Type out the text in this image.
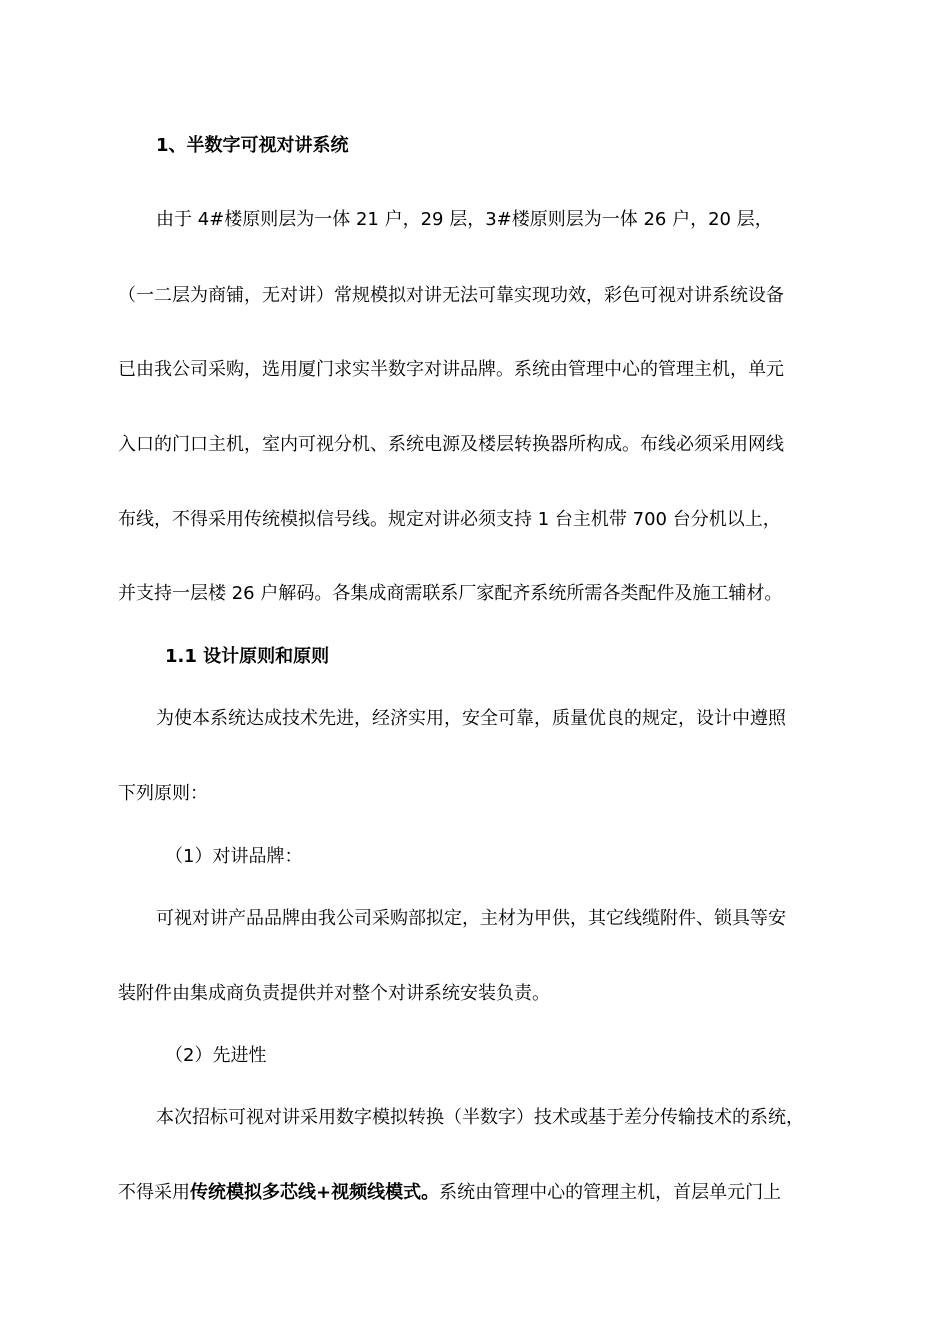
1、半数字可视对讲系统

由于 4#楼原则层为一体 21 户，29 层，3#楼原则层为一体 26 户，20 层，

（一二层为商铺，无对讲）常规模拟对讲无法可靠实现功效，彩色可视对讲系统设备

已由我公司采购，选用厦门求实半数字对讲品牌。系统由管理中心的管理主机，单元

入口的门口主机，室内可视分机、系统电源及楼层转换器所构成。布线必须采用网线

布线，不得采用传统模拟信号线。规定对讲必须支持 1 台主机带 700 台分机以上，

并支持一层楼 26 户解码。各集成商需联系厂家配齐系统所需各类配件及施工辅材。

1.1 设计原则和原则

为使本系统达成技术先进，经济实用，安全可靠，质量优良的规定，设计中遵照

下列原则：

（1）对讲品牌：

可视对讲产品品牌由我公司采购部拟定，主材为甲供，其它线缆附件、锁具等安

装附件由集成商负责提供并对整个对讲系统安装负责。

（2）先进性

本次招标可视对讲采用数字模拟转换（半数字）技术或基于差分传输技术的系统，

不得采用传统模拟多芯线+视频线模式。系统由管理中心的管理主机，首层单元门上
